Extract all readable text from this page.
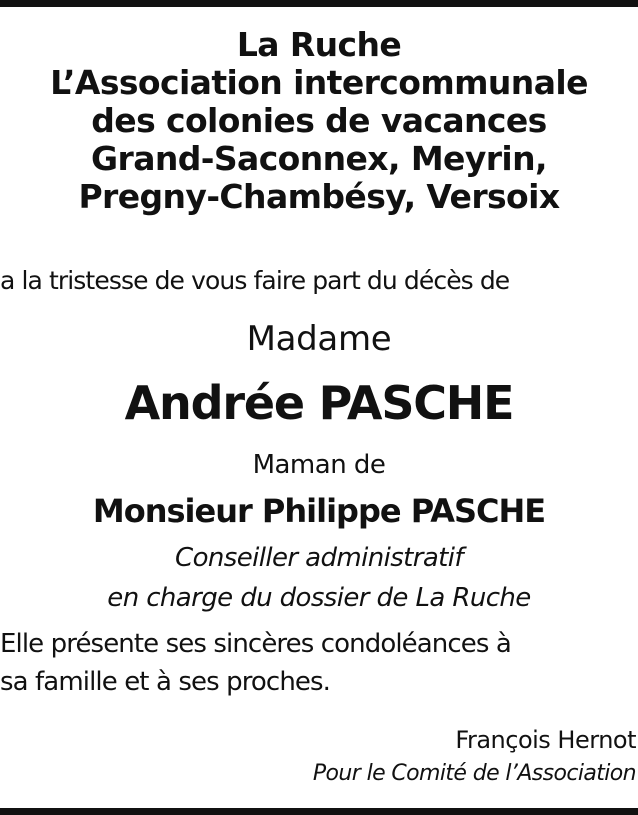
La Ruche
L’Association intercommunale
des colonies de vacances
Grand-Saconnex, Meyrin,
Pregny-Chambésy, Versoix
a la tristesse de vous faire part du décès de
Madame
Andrée PASCHE
Maman de
Monsieur Philippe PASCHE
Conseiller administratif
en charge du dossier de La Ruche
Elle présente ses sincères condoléances à
sa famille et à ses proches.
François Hernot
Pour le Comité de l’Association
